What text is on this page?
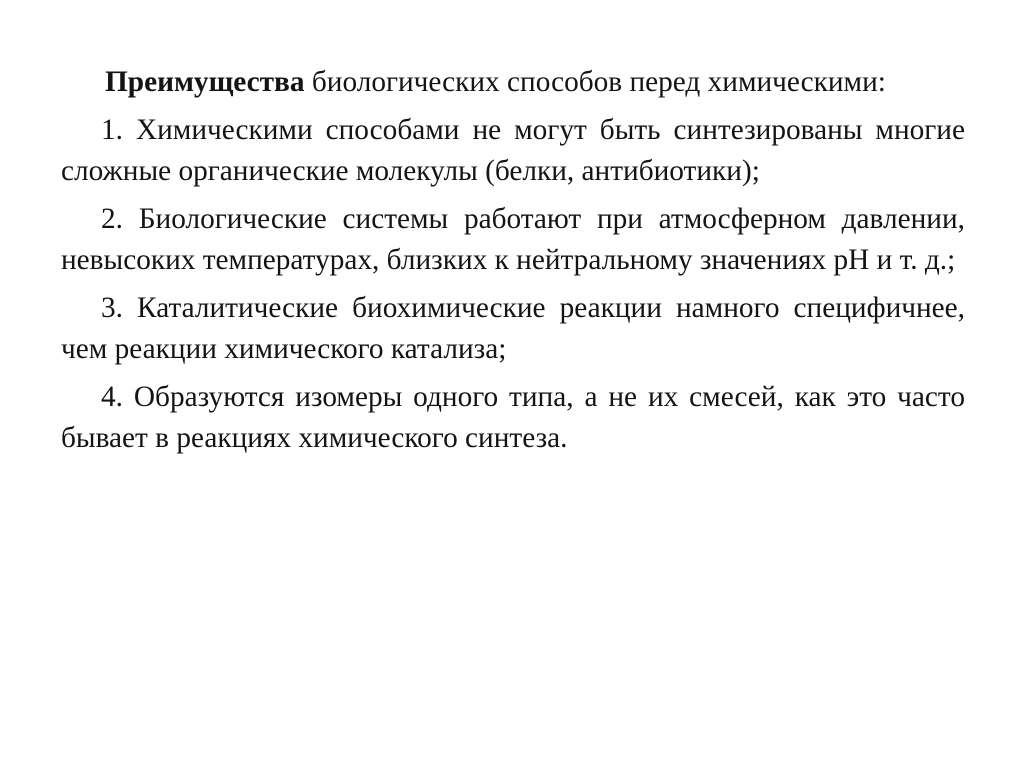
Преимущества биологических способов перед химическими:

1. Химическими способами не могут быть синтезированы многие сложные органические молекулы (белки, антибиотики);

2. Биологические системы работают при атмосферном давлении, невысоких температурах, близких к нейтральному значениях pH и т. д.;

3. Каталитические биохимические реакции намного специфичнее, чем реакции химического катализа;

4. Образуются изомеры одного типа, а не их смесей, как это часто бывает в реакциях химического синтеза.
